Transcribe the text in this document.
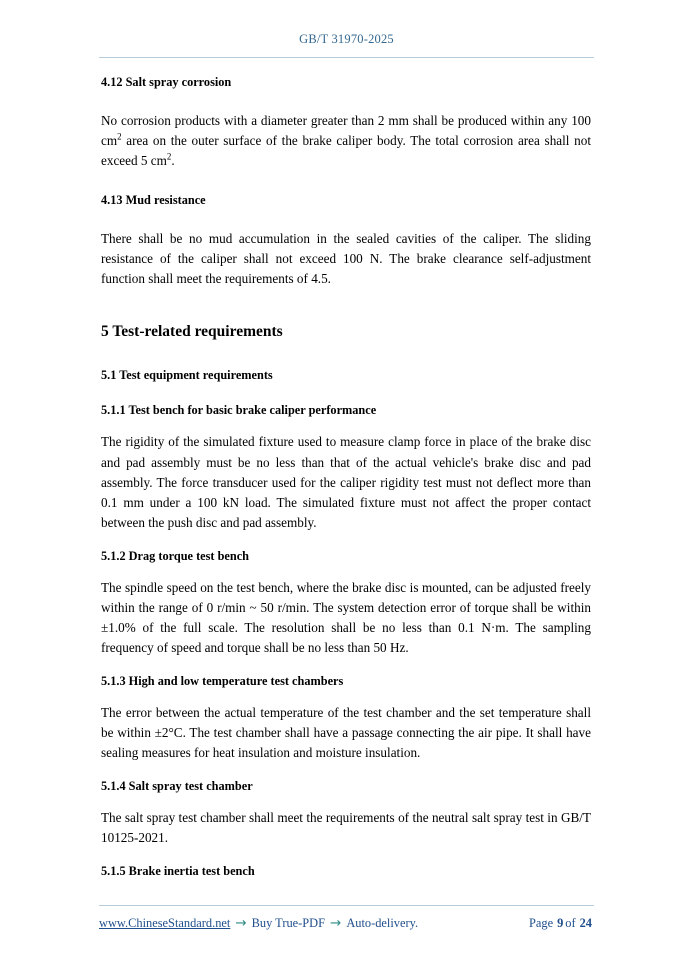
GB/T 31970-2025
4.12 Salt spray corrosion

No corrosion products with a diameter greater than 2 mm shall be produced within any 100 $cm^2$ area on the outer surface of the brake caliper body. The total corrosion area shall not exceed 5 $cm^2$.

4.13 Mud resistance

There shall be no mud accumulation in the sealed cavities of the caliper. The sliding resistance of the caliper shall not exceed 100 N. The brake clearance self-adjustment function shall meet the requirements of 4.5.

5 Test-related requirements
5.1 Test equipment requirements
5.1.1 Test bench for basic brake caliper performance

The rigidity of the simulated fixture used to measure clamp force in place of the brake disc and pad assembly must be no less than that of the actual vehicle's brake disc and pad assembly. The force transducer used for the caliper rigidity test must not deflect more than 0.1 mm under a 100 kN load. The simulated fixture must not affect the proper contact between the push disc and pad assembly.

5.1.2 Drag torque test bench

The spindle speed on the test bench, where the brake disc is mounted, can be adjusted freely within the range of 0 r/min ~ 50 r/min. The system detection error of torque shall be within ±1.0% of the full scale. The resolution shall be no less than 0.1 N·m. The sampling frequency of speed and torque shall be no less than 50 Hz.

5.1.3 High and low temperature test chambers

The error between the actual temperature of the test chamber and the set temperature shall be within ±2°C. The test chamber shall have a passage connecting the air pipe. It shall have sealing measures for heat insulation and moisture insulation.

5.1.4 Salt spray test chamber

The salt spray test chamber shall meet the requirements of the neutral salt spray test in GB/T 10125-2021.

5.1.5 Brake inertia test bench
www.ChineseStandard.net → Buy True-PDF → Auto-delivery.	Page 9 of 24
